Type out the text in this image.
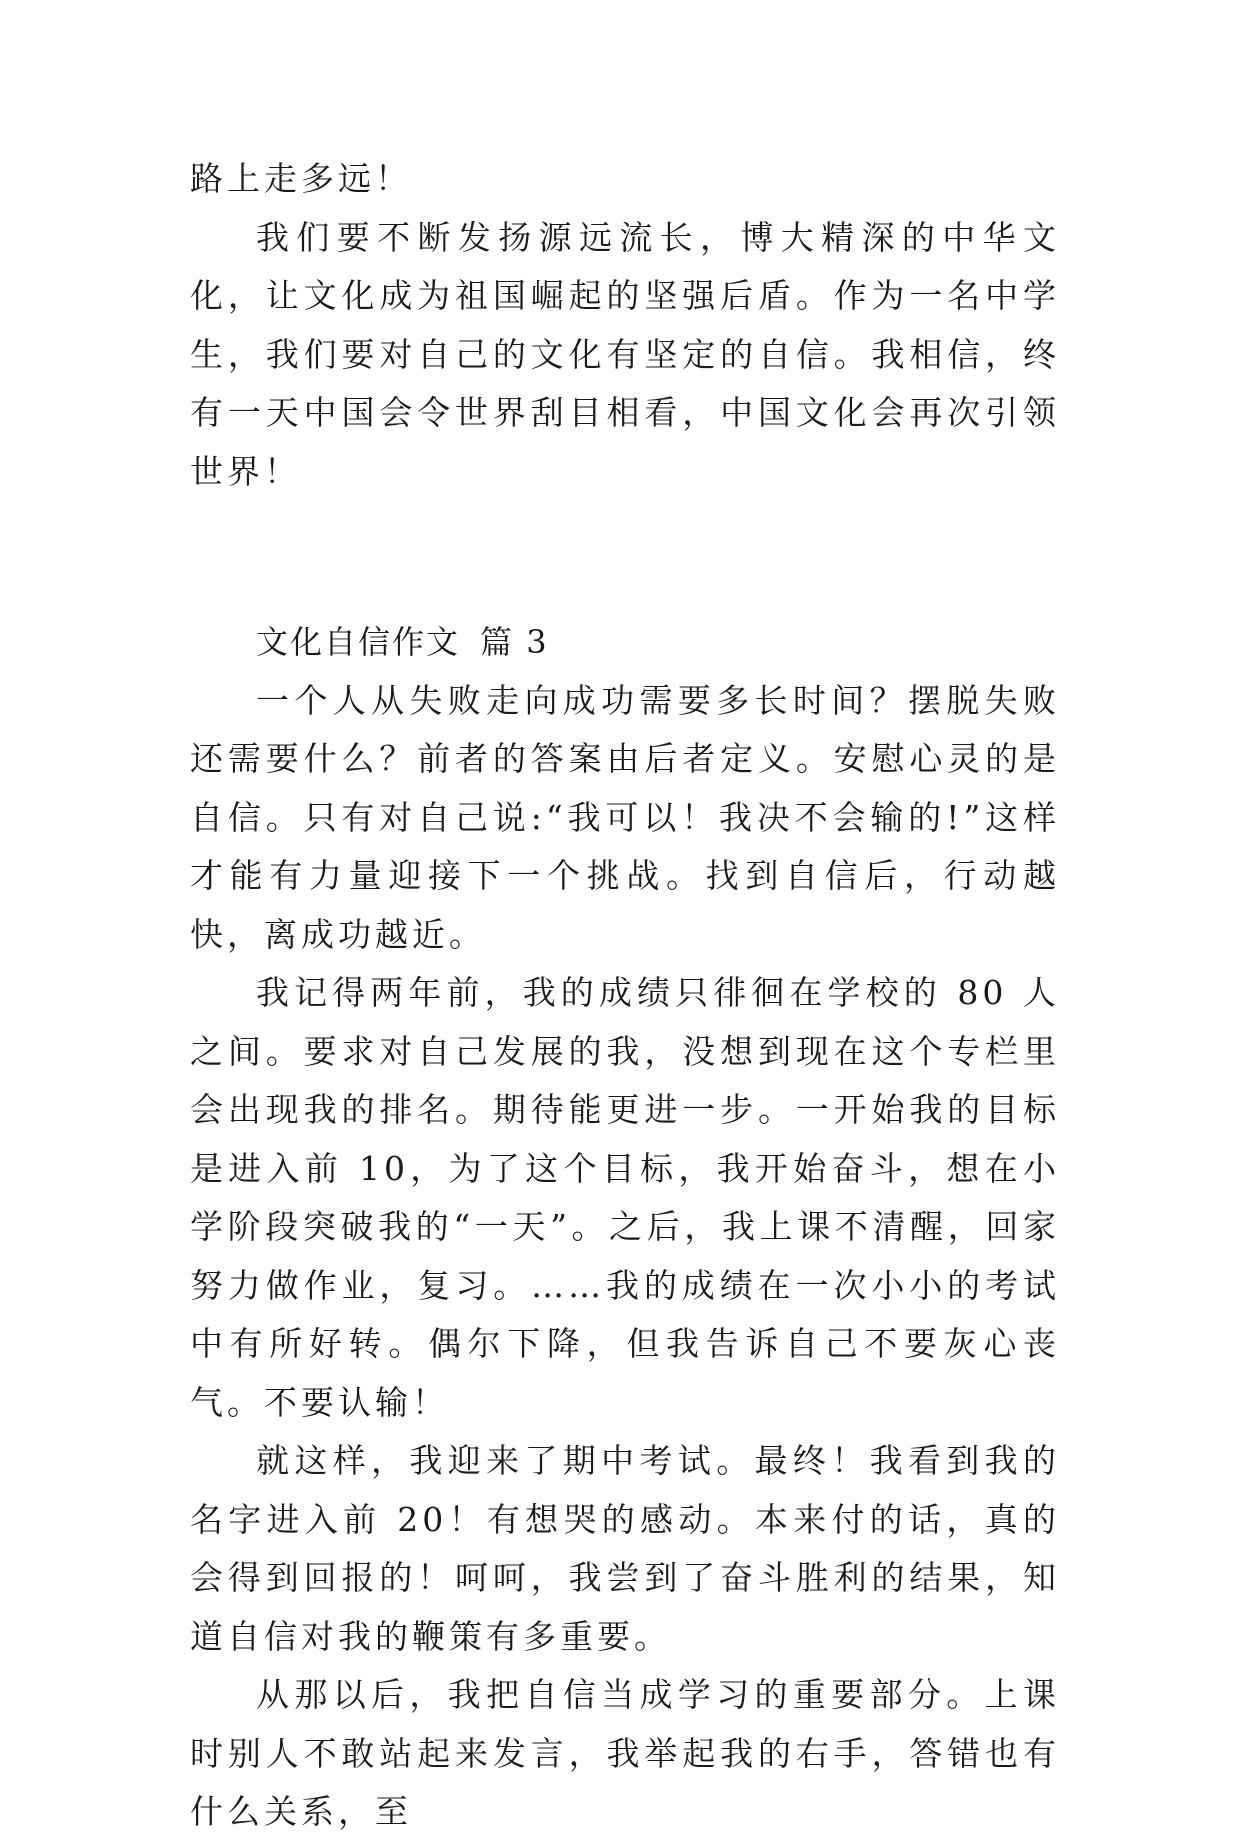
路上走多远！

我们要不断发扬源远流长，博大精深的中华文化，让文化成为祖国崛起的坚强后盾。作为一名中学生，我们要对自己的文化有坚定的自信。我相信，终有一天中国会令世界刮目相看，中国文化会再次引领世界！

文化自信作文 篇 3

一个人从失败走向成功需要多长时间？摆脱失败还需要什么？前者的答案由后者定义。安慰心灵的是自信。只有对自己说:“我可以！我决不会输的!”这样才能有力量迎接下一个挑战。找到自信后，行动越快，离成功越近。

我记得两年前，我的成绩只徘徊在学校的 80 人之间。要求对自己发展的我，没想到现在这个专栏里会出现我的排名。期待能更进一步。一开始我的目标是进入前 10，为了这个目标，我开始奋斗，想在小学阶段突破我的“一天”。之后，我上课不清醒，回家努力做作业，复习。……我的成绩在一次小小的考试中有所好转。偶尔下降，但我告诉自己不要灰心丧气。不要认输！

就这样，我迎来了期中考试。最终！我看到我的名字进入前 20！有想哭的感动。本来付的话，真的会得到回报的！呵呵，我尝到了奋斗胜利的结果，知道自信对我的鞭策有多重要。

从那以后，我把自信当成学习的重要部分。上课时别人不敢站起来发言，我举起我的右手，答错也有什么关系，至
